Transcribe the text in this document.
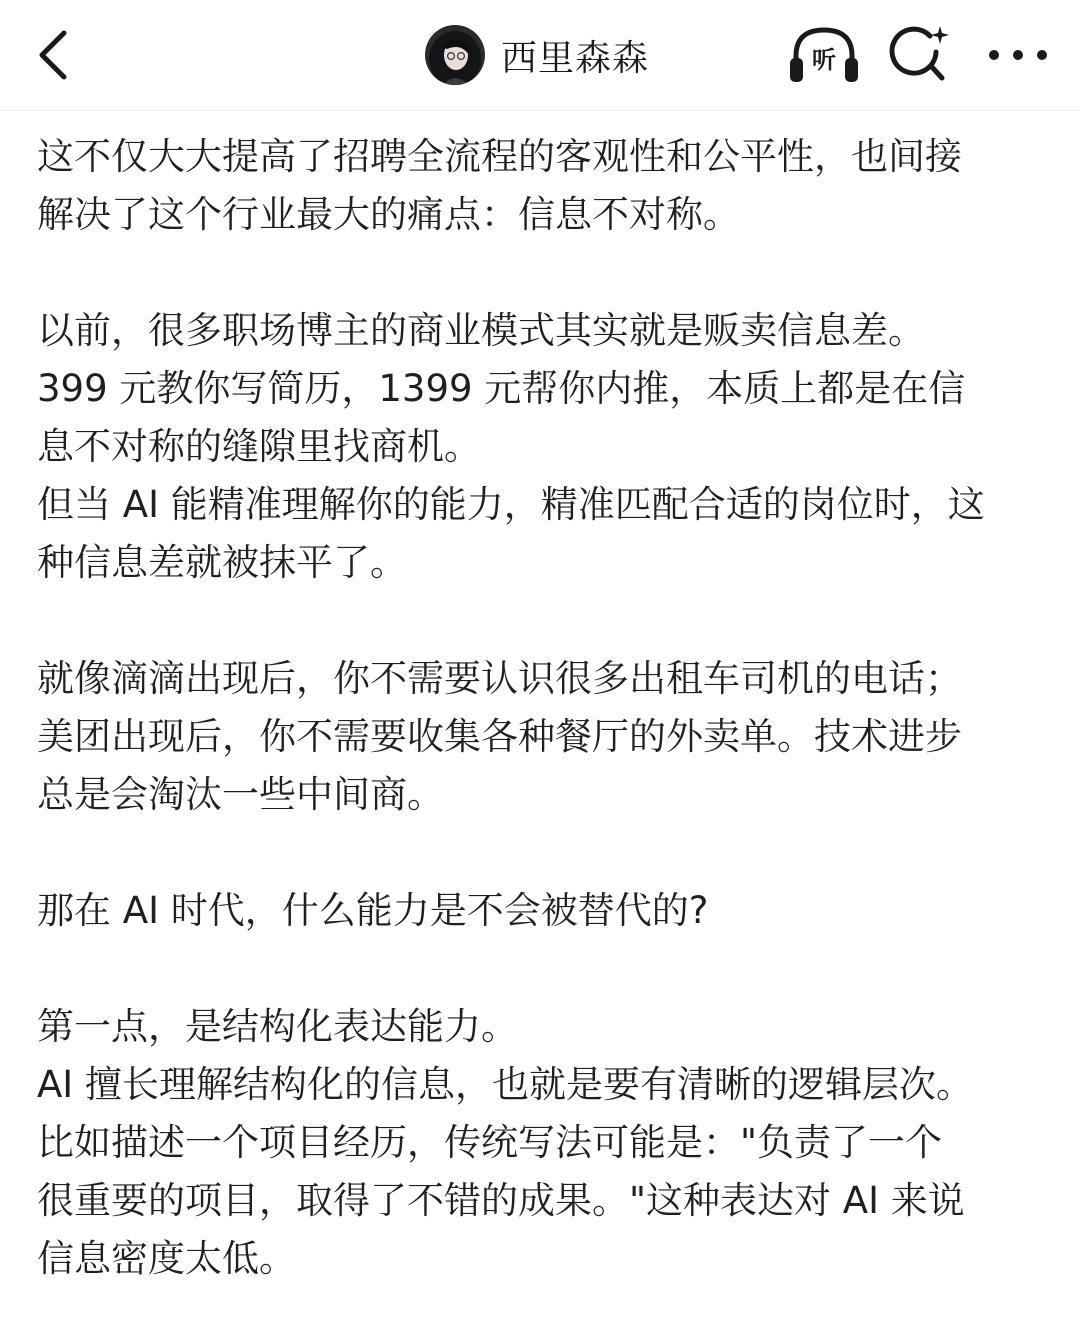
西里森森	听

这不仅大大提高了招聘全流程的客观性和公平性，也间接

解决了这个行业最大的痛点：信息不对称。

以前，很多职场博主的商业模式其实就是贩卖信息差。

399 元教你写简历，1399 元帮你内推，本质上都是在信

息不对称的缝隙里找商机。

但当 AI 能精准理解你的能力，精准匹配合适的岗位时，这

种信息差就被抹平了。

就像滴滴出现后，你不需要认识很多出租车司机的电话；

美团出现后，你不需要收集各种餐厅的外卖单。技术进步

总是会淘汰一些中间商。

那在 AI 时代，什么能力是不会被替代的?

第一点，是结构化表达能力。

AI 擅长理解结构化的信息，也就是要有清晰的逻辑层次。

比如描述一个项目经历，传统写法可能是："负责了一个

很重要的项目，取得了不错的成果。"这种表达对 AI 来说

信息密度太低。
